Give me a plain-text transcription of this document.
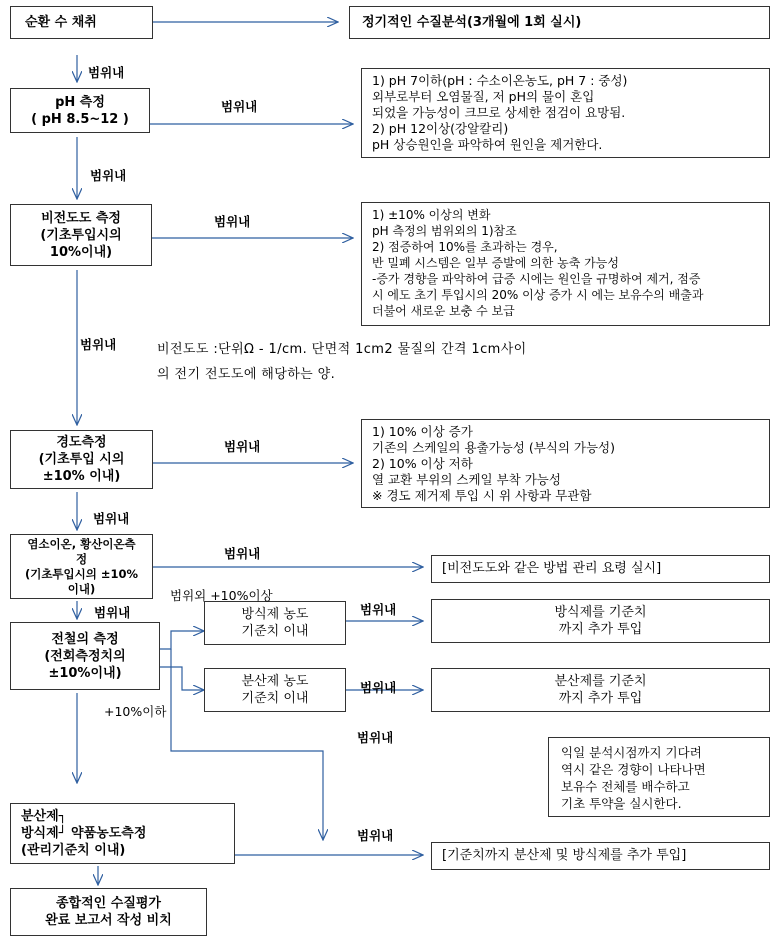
순환 수 채취
pH 측정
( pH 8.5~12 )
비전도도 측정
(기초투입시의
10%이내)
경도측정
(기초투입 시의
±10% 이내)
염소이온, 황산이온측
정
(기초투입시의 ±10%
이내)
전철의 측정
(전회측정치의
±10%이내)
분산제┐
방식제┘ 약품농도측정
(관리기준치 이내)
종합적인 수질평가
완료 보고서 작성 비치
방식제 농도
기준치 이내
분산제 농도
기준치 이내
정기적인 수질분석(3개월에 1회 실시)
1) pH 7이하(pH : 수소이온농도, pH 7 : 중성)
외부로부터 오염물질, 저 pH의 물이 혼입
되었을 가능성이 크므로 상세한 점검이 요망됨.
2) pH 12이상(강알칼리)
pH 상승원인을 파악하여 원인을 제거한다.
1) ±10% 이상의 변화
pH 측정의 범위외의 1)참조
2) 점증하여 10%를 초과하는 경우,
반 밀폐 시스템은 일부 증발에 의한 농축 가능성
-증가 경향을 파악하여 급증 시에는 원인을 규명하여 제거, 점증
시 에도 초기 투입시의 20% 이상 증가 시 에는 보유수의 배출과
더불어 새로운 보충 수 보급
1) 10% 이상 증가
기존의 스케일의 용출가능성 (부식의 가능성)
2) 10% 이상 저하
열 교환 부위의 스케일 부착 가능성
※ 경도 제거제 투입 시 위 사항과 무관함
[비전도도와 같은 방법 관리 요령 실시]
방식제를 기준치
까지 추가 투입
분산제를 기준치
까지 추가 투입
익일 분석시점까지 기다려
역시 같은 경향이 나타나면
보유수 전체를 배수하고
기초 투약을 실시한다.
[기준치까지 분산제 및 방식제를 추가 투입]
비전도도 :단위Ω - 1/cm. 단면적 1cm2 물질의 간격 1cm사이
의 전기 전도도에 해당하는 양.
범위내
범위내
범위내
범위내
범위내
범위내
범위내
범위내
범위내	범위내
범위내
범위내
범위내
범위외 +10%이상
+10%이하
